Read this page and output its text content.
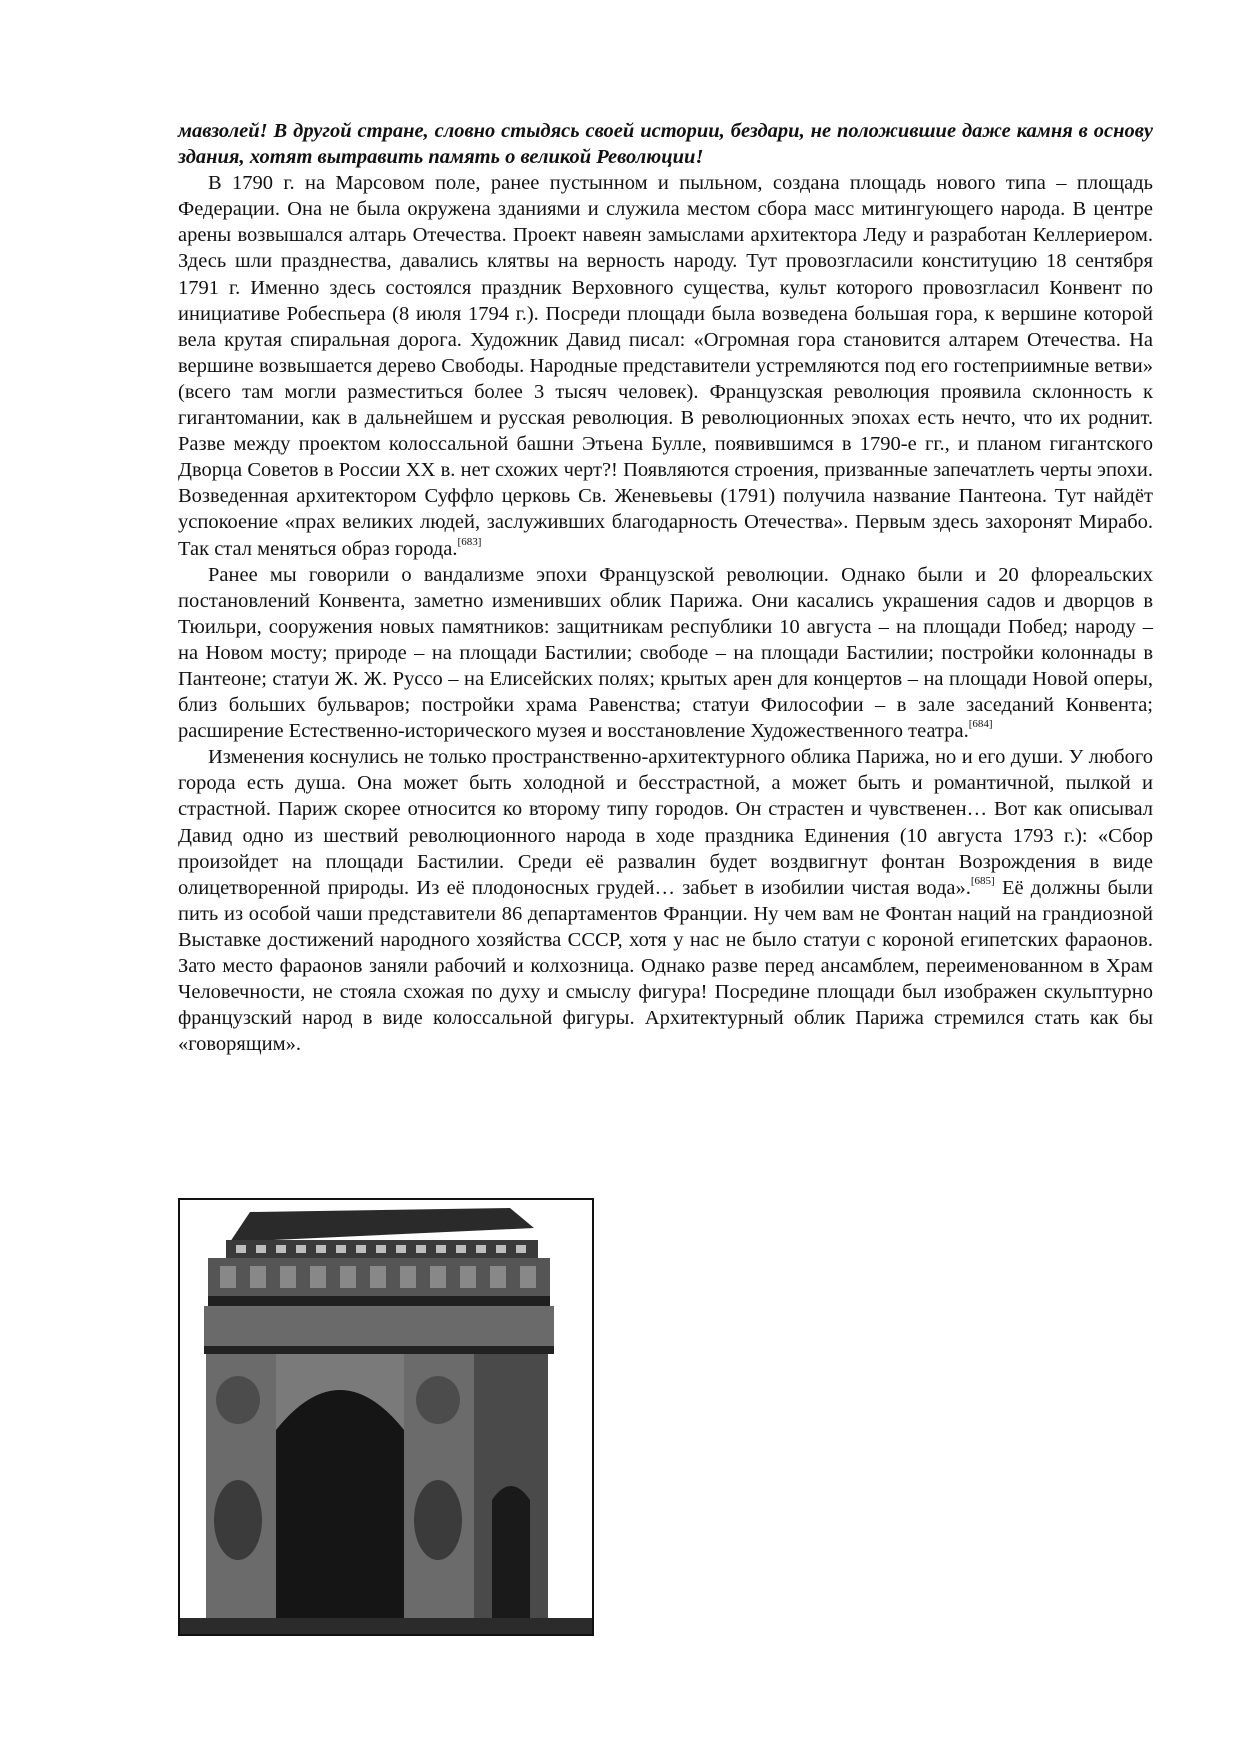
мавзолей! В другой стране, словно стыдясь своей истории, бездари, не положившие даже камня в основу здания, хотят вытравить память о великой Революции!

В 1790 г. на Марсовом поле, ранее пустынном и пыльном, создана площадь нового типа – площадь Федерации. Она не была окружена зданиями и служила местом сбора масс митингующего народа. В центре арены возвышался алтарь Отечества. Проект навеян замыслами архитектора Леду и разработан Келлериером. Здесь шли празднества, давались клятвы на верность народу. Тут провозгласили конституцию 18 сентября 1791 г. Именно здесь состоялся праздник Верховного существа, культ которого провозгласил Конвент по инициативе Робеспьера (8 июля 1794 г.). Посреди площади была возведена большая гора, к вершине которой вела крутая спиральная дорога. Художник Давид писал: «Огромная гора становится алтарем Отечества. На вершине возвышается дерево Свободы. Народные представители устремляются под его гостеприимные ветви» (всего там могли разместиться более 3 тысяч человек). Французская революция проявила склонность к гигантомании, как в дальнейшем и русская революция. В революционных эпохах есть нечто, что их роднит. Разве между проектом колоссальной башни Этьена Булле, появившимся в 1790-е гг., и планом гигантского Дворца Советов в России XX в. нет схожих черт?! Появляются строения, призванные запечатлеть черты эпохи. Возведенная архитектором Суффло церковь Св. Женевьевы (1791) получила название Пантеона. Тут найдёт успокоение «прах великих людей, заслуживших благодарность Отечества». Первым здесь захоронят Мирабо. Так стал меняться образ города.[683]

Ранее мы говорили о вандализме эпохи Французской революции. Однако были и 20 флореальских постановлений Конвента, заметно изменивших облик Парижа. Они касались украшения садов и дворцов в Тюильри, сооружения новых памятников: защитникам республики 10 августа – на площади Побед; народу – на Новом мосту; природе – на площади Бастилии; свободе – на площади Бастилии; постройки колоннады в Пантеоне; статуи Ж. Ж. Руссо – на Елисейских полях; крытых арен для концертов – на площади Новой оперы, близ больших бульваров; постройки храма Равенства; статуи Философии – в зале заседаний Конвента; расширение Естественно-исторического музея и восстановление Художественного театра.[684]

Изменения коснулись не только пространственно-архитектурного облика Парижа, но и его души. У любого города есть душа. Она может быть холодной и бесстрастной, а может быть и романтичной, пылкой и страстной. Париж скорее относится ко второму типу городов. Он страстен и чувственен… Вот как описывал Давид одно из шествий революционного народа в ходе праздника Единения (10 августа 1793 г.): «Сбор произойдет на площади Бастилии. Среди её развалин будет воздвигнут фонтан Возрождения в виде олицетворенной природы. Из её плодоносных грудей… забьет в изобилии чистая вода».[685] Её должны были пить из особой чаши представители 86 департаментов Франции. Ну чем вам не Фонтан наций на грандиозной Выставке достижений народного хозяйства СССР, хотя у нас не было статуи с короной египетских фараонов. Зато место фараонов заняли рабочий и колхозница. Однако разве перед ансамблем, переименованном в Храм Человечности, не стояла схожая по духу и смыслу фигура! Посредине площади был изображен скульптурно французский народ в виде колоссальной фигуры. Архитектурный облик Парижа стремился стать как бы «говорящим».
